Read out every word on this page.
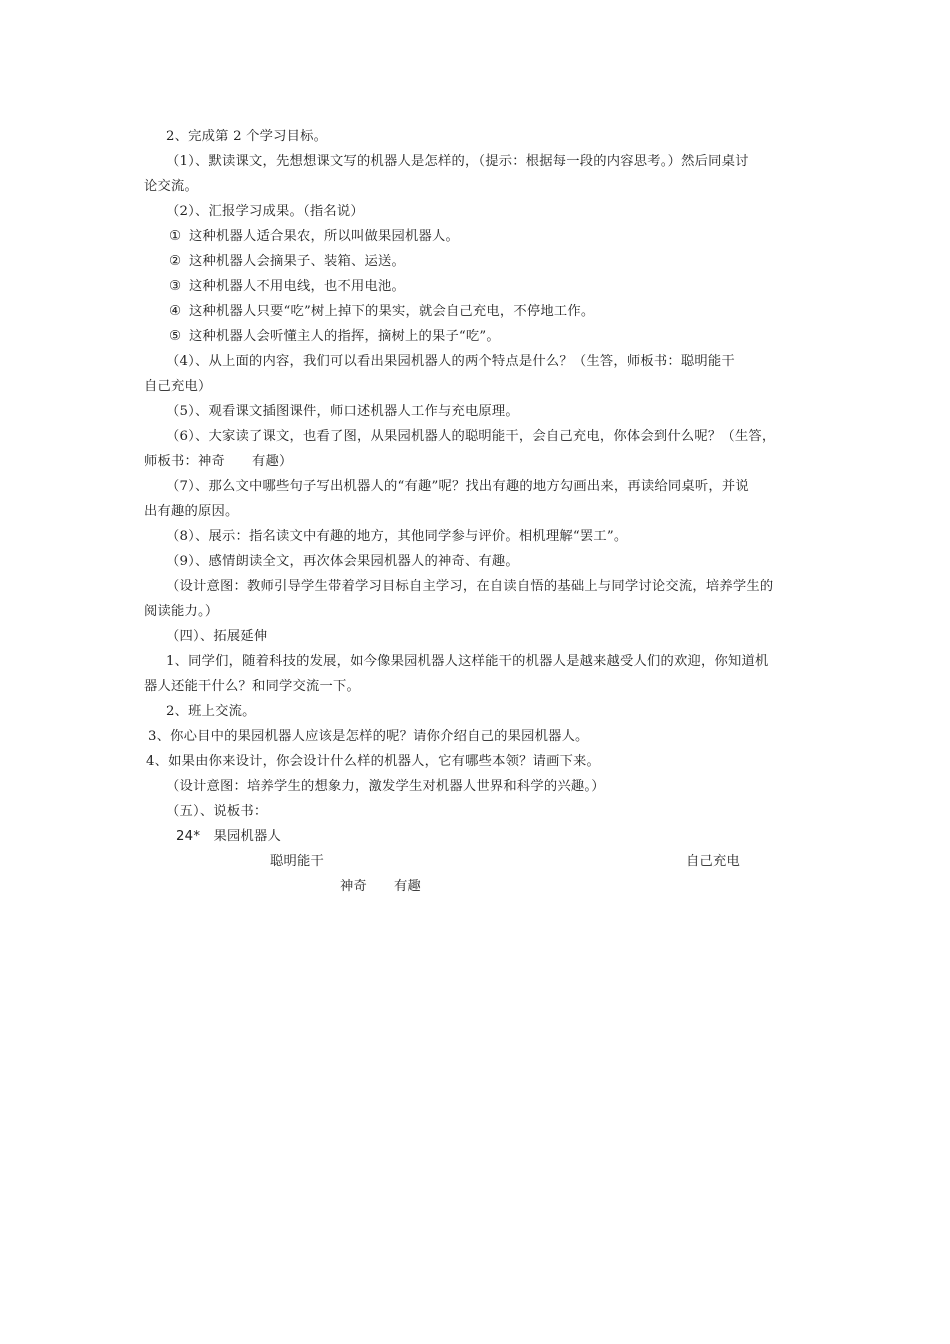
2、完成第 2 个学习目标。
（1）、默读课文，先想想课文写的机器人是怎样的，（提示：根据每一段的内容思考。）然后同桌讨
论交流。
（2）、汇报学习成果。（指名说）
① 这种机器人适合果农，所以叫做果园机器人。
② 这种机器人会摘果子、装箱、运送。
③ 这种机器人不用电线，也不用电池。
④ 这种机器人只要“吃”树上掉下的果实，就会自己充电，不停地工作。
⑤ 这种机器人会听懂主人的指挥，摘树上的果子“吃”。
（4）、从上面的内容，我们可以看出果园机器人的两个特点是什么？（生答，师板书：聪明能干
自己充电）
（5）、观看课文插图课件，师口述机器人工作与充电原理。
（6）、大家读了课文，也看了图，从果园机器人的聪明能干，会自己充电，你体会到什么呢？（生答，
师板书：神奇　　有趣）
（7）、那么文中哪些句子写出机器人的“有趣”呢？找出有趣的地方勾画出来，再读给同桌听，并说
出有趣的原因。
（8）、展示：指名读文中有趣的地方，其他同学参与评价。相机理解“罢工”。
（9）、感情朗读全文，再次体会果园机器人的神奇、有趣。
（设计意图：教师引导学生带着学习目标自主学习，在自读自悟的基础上与同学讨论交流，培养学生的
阅读能力。）
（四）、拓展延伸
1、同学们，随着科技的发展，如今像果园机器人这样能干的机器人是越来越受人们的欢迎，你知道机
器人还能干什么？和同学交流一下。
2、班上交流。
3、你心目中的果园机器人应该是怎样的呢？请你介绍自己的果园机器人。
4、如果由你来设计，你会设计什么样的机器人，它有哪些本领？请画下来。
（设计意图：培养学生的想象力，激发学生对机器人世界和科学的兴趣。）
（五）、说板书：
24* 果园机器人
聪明能干	自己充电
神奇　　有趣
